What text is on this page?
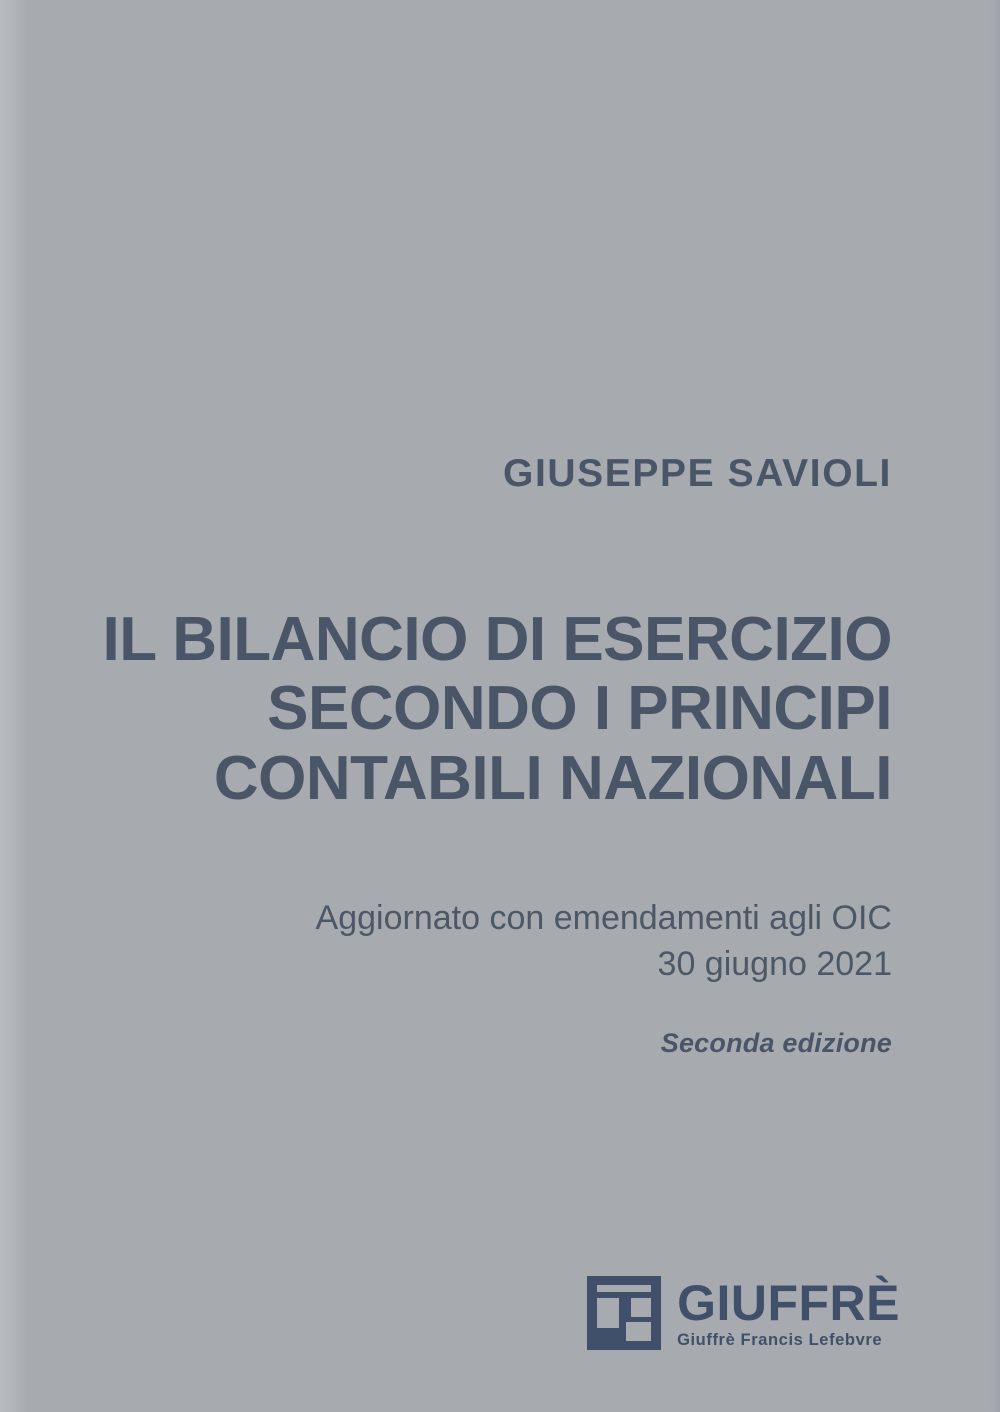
GIUSEPPE SAVIOLI
IL BILANCIO DI ESERCIZIO
SECONDO I PRINCIPI
CONTABILI NAZIONALI
Aggiornato con emendamenti agli OIC
30 giugno 2021
Seconda edizione
GIUFFRÈ
Giuffrè Francis Lefebvre
